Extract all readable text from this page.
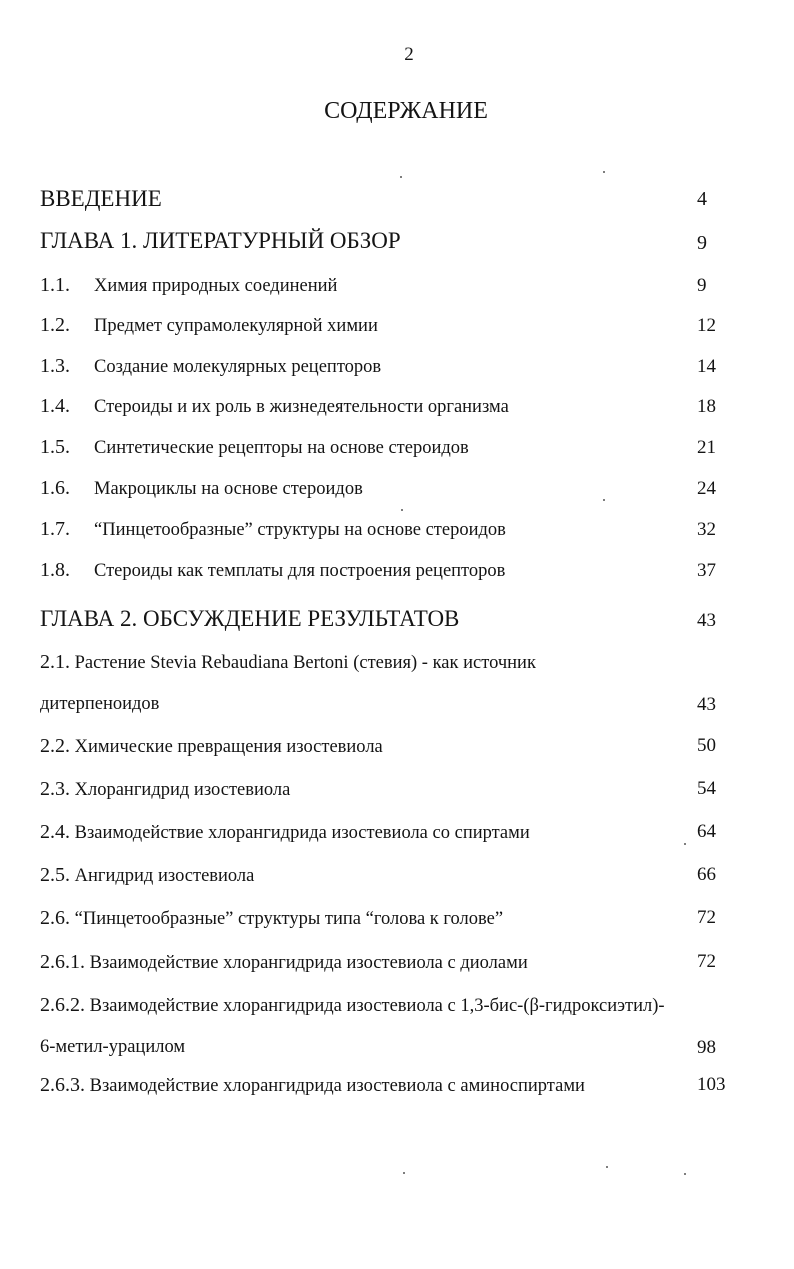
2
СОДЕРЖАНИЕ
ВВЕДЕНИЕ	4
ГЛАВА 1. ЛИТЕРАТУРНЫЙ ОБЗОР	9
1.1. Химия природных соединений	9
1.2. Предмет супрамолекулярной химии	12
1.3. Создание молекулярных рецепторов	14
1.4. Стероиды и их роль в жизнедеятельности организма	18
1.5. Синтетические рецепторы на основе стероидов	21
1.6. Макроциклы на основе стероидов	24
1.7. “Пинцетообразные” структуры на основе стероидов	32
1.8. Стероиды как темплаты для построения рецепторов	37
ГЛАВА 2. ОБСУЖДЕНИЕ РЕЗУЛЬТАТОВ	43
2.1. Растение Stevia Rebaudiana Bertoni (стевия) - как источник
дитерпеноидов	43
2.2. Химические превращения изостевиола	50
2.3. Хлорангидрид изостевиола	54
2.4. Взаимодействие хлорангидрида изостевиола со спиртами	64
2.5. Ангидрид изостевиола	66
2.6. “Пинцетообразные” структуры типа “голова к голове”	72
2.6.1. Взаимодействие хлорангидрида изостевиола с диолами	72
2.6.2. Взаимодействие хлорангидрида изостевиола с 1,3-бис-(β-гидроксиэтил)-
6-метил-урацилом	98
2.6.3. Взаимодействие хлорангидрида изостевиола с аминоспиртами	103
